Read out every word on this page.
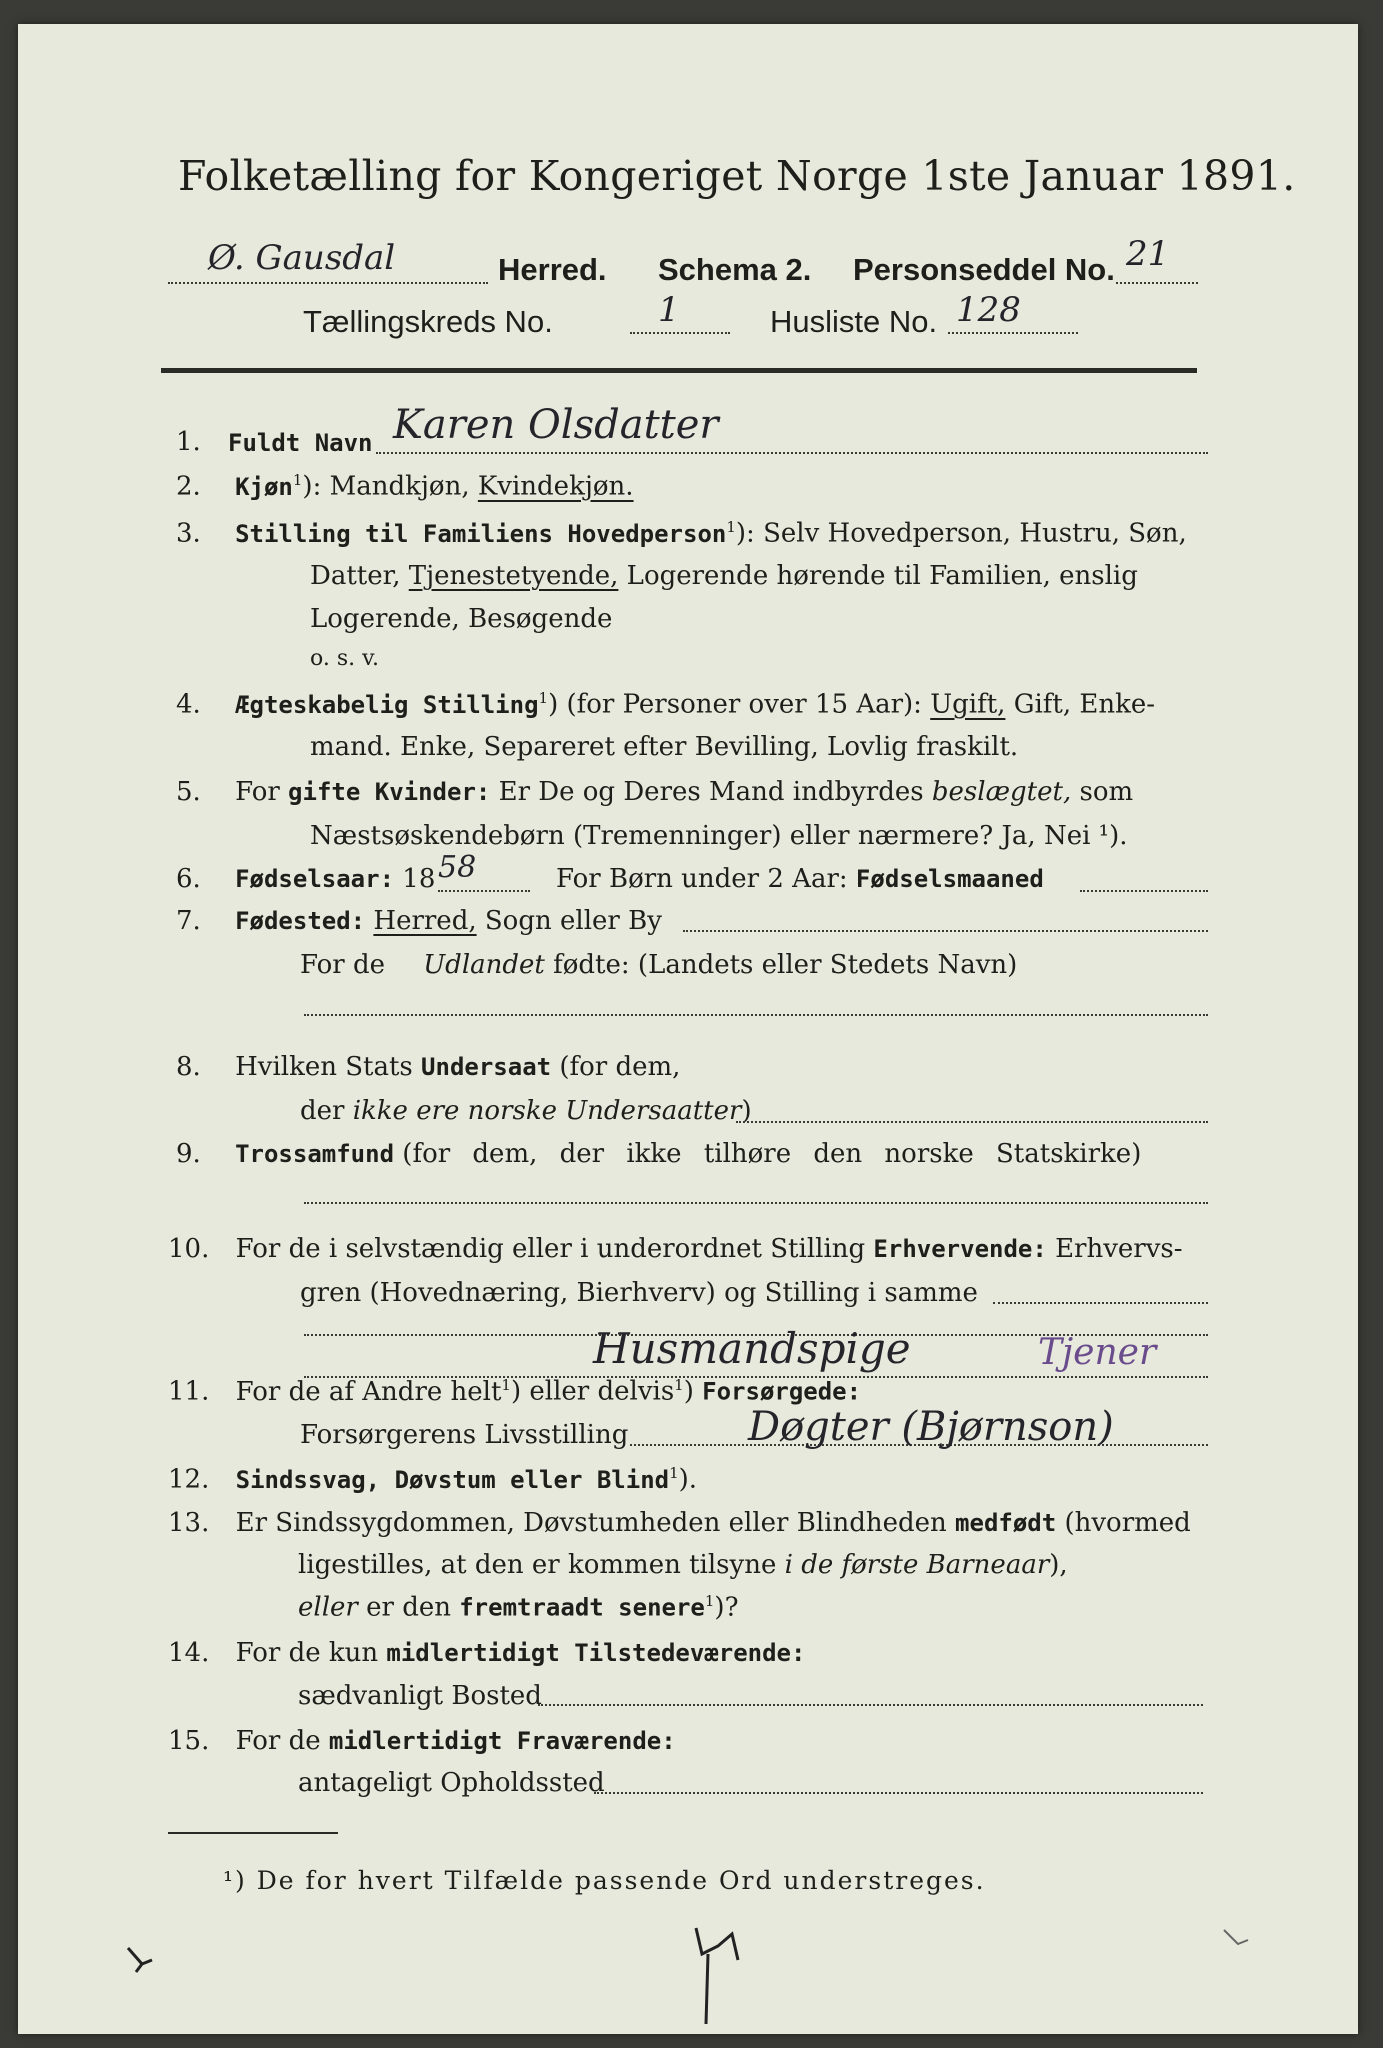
Folketælling for Kongeriget Norge 1ste Januar 1891.
Ø. Gausdal	Herred. Schema 2. Personseddel No. 21
Tællingskreds No.	1	Husliste No. 128
1. Fuldt Navn Karen Olsdatter
2. Kjøn$^1$): Mandkjøn, Kvindekjøn.
3. Stilling til Familiens Hovedperson$^1$): Selv Hovedperson, Hustru, Søn,
Datter, Tjenestetyende, Logerende hørende til Familien, enslig
Logerende, Besøgende
o. s. v.
4. Ægteskabelig Stilling$^1$) (for Personer over 15 Aar): Ugift, Gift, Enke-
mand. Enke, Separeret efter Bevilling, Lovlig fraskilt.
5. For gifte Kvinder: Er De og Deres Mand indbyrdes beslægtet, som
Næstsøskendebørn (Tremenninger) eller nærmere? Ja, Nei ¹).
6. Fødselsaar: 18 58	For Børn under 2 Aar: Fødselsmaaned
7. Fødested: Herred, Sogn eller By
For de Udlandet fødte: (Landets eller Stedets Navn)
8. Hvilken Stats Undersaat (for dem,
der ikke ere norske Undersaatter)
9. Trossamfund (for dem, der ikke tilhøre den norske Statskirke)
10. For de i selvstændig eller i underordnet Stilling Erhvervende: Erhvervs-
gren (Hovednæring, Bierhverv) og Stilling i samme
Husmandspige	Tjener
11. For de af Andre helt$^1$) eller delvis$^1$) Forsørgede:
Forsørgerens Livsstilling	Døgter (Bjørnson)
12. Sindssvag, Døvstum eller Blind$^1$).
13. Er Sindssygdommen, Døvstumheden eller Blindheden medfødt (hvormed
ligestilles, at den er kommen tilsyne i de første Barneaar),
eller er den fremtraadt senere$^1$)?
14. For de kun midlertidigt Tilstedeværende:
sædvanligt Bosted
15. For de midlertidigt Fraværende:
antageligt Opholdssted
¹) De for hvert Tilfælde passende Ord understreges.
